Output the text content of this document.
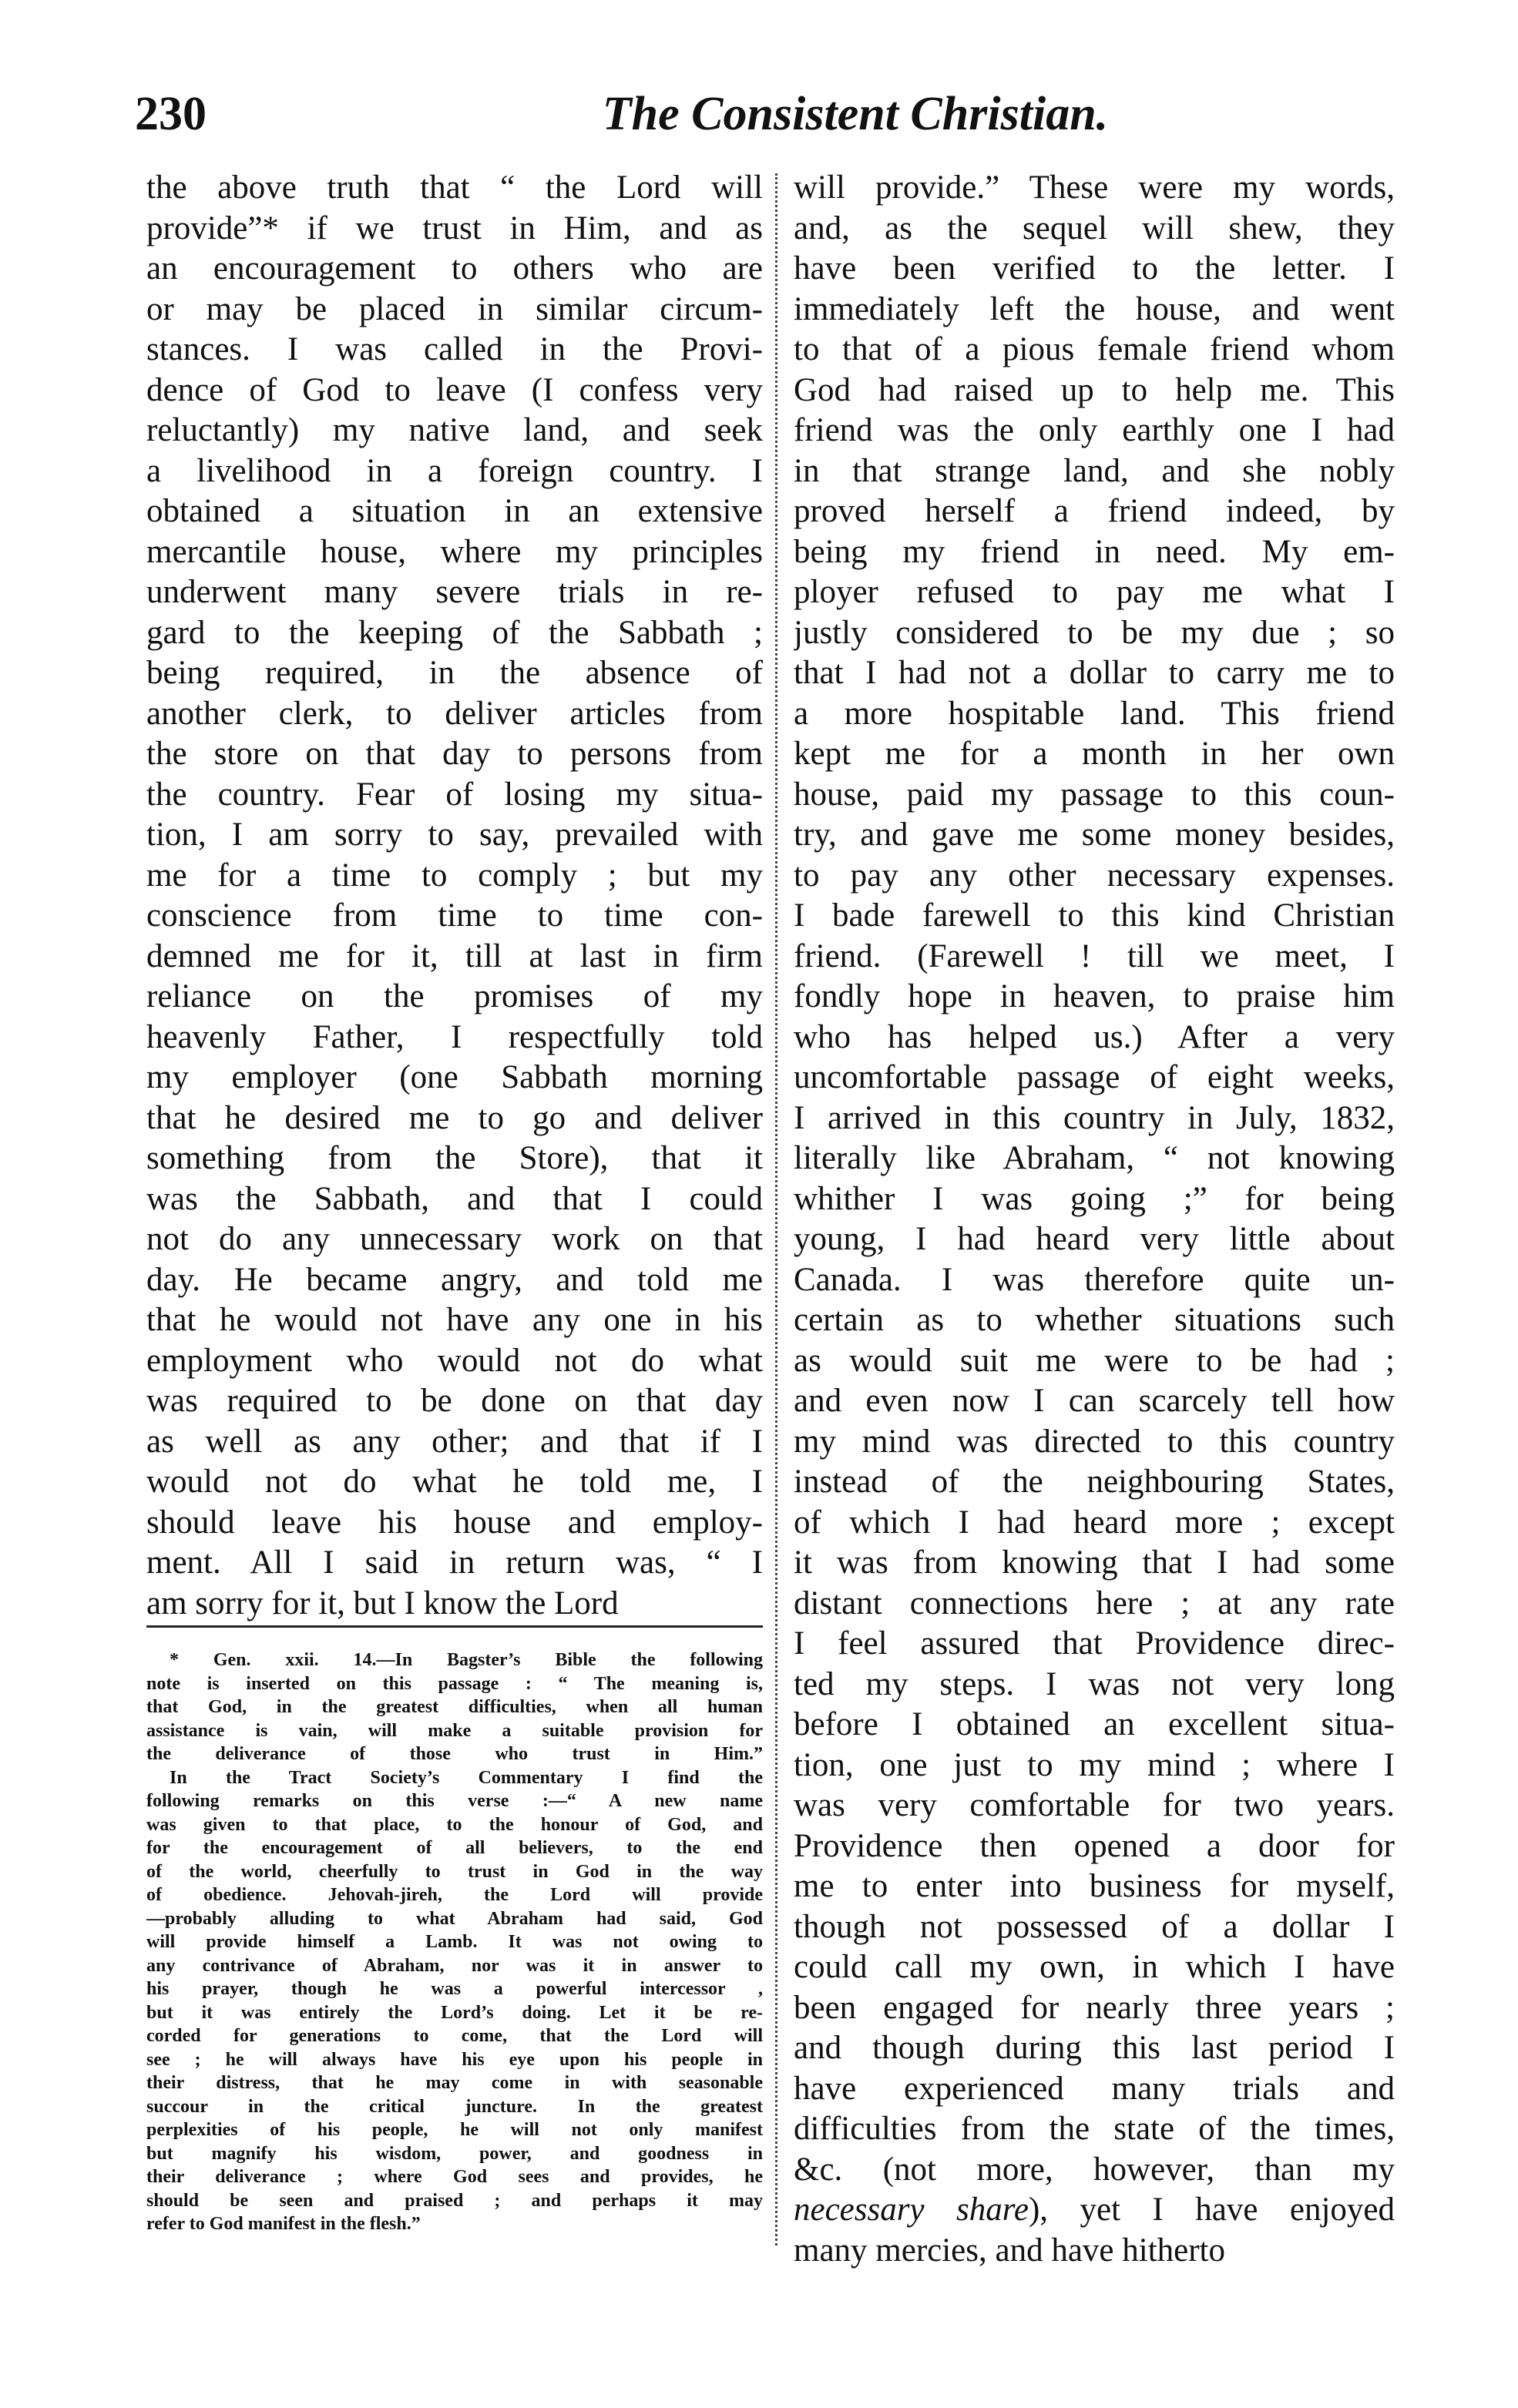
230	The Consistent Christian.
the above truth that “ the Lord will
provide”* if we trust in Him, and as
an encouragement to others who are
or may be placed in similar circum-
stances. I was called in the Provi-
dence of God to leave (I confess very
reluctantly) my native land, and seek
a livelihood in a foreign country. I
obtained a situation in an extensive
mercantile house, where my principles
underwent many severe trials in re-
gard to the keeping of the Sabbath ;
being required, in the absence of
another clerk, to deliver articles from
the store on that day to persons from
the country. Fear of losing my situa-
tion, I am sorry to say, prevailed with
me for a time to comply ; but my
conscience from time to time con-
demned me for it, till at last in firm
reliance on the promises of my
heavenly Father, I respectfully told
my employer (one Sabbath morning
that he desired me to go and deliver
something from the Store), that it
was the Sabbath, and that I could
not do any unnecessary work on that
day. He became angry, and told me
that he would not have any one in his
employment who would not do what
was required to be done on that day
as well as any other; and that if I
would not do what he told me, I
should leave his house and employ-
ment. All I said in return was, “ I
am sorry for it, but I know the Lord
* Gen. xxii. 14.—In Bagster’s Bible the following
note is inserted on this passage : “ The meaning is,
that God, in the greatest difficulties, when all human
assistance is vain, will make a suitable provision for
the deliverance of those who trust in Him.”
In the Tract Society’s Commentary I find the
following remarks on this verse :—“ A new name
was given to that place, to the honour of God, and
for the encouragement of all believers, to the end
of the world, cheerfully to trust in God in the way
of obedience. Jehovah-jireh, the Lord will provide
—probably alluding to what Abraham had said, God
will provide himself a Lamb. It was not owing to
any contrivance of Abraham, nor was it in answer to
his prayer, though he was a powerful intercessor ,
but it was entirely the Lord’s doing. Let it be re-
corded for generations to come, that the Lord will
see ; he will always have his eye upon his people in
their distress, that he may come in with seasonable
succour in the critical juncture. In the greatest
perplexities of his people, he will not only manifest
but magnify his wisdom, power, and goodness in
their deliverance ; where God sees and provides, he
should be seen and praised ; and perhaps it may
refer to God manifest in the flesh.”
will provide.” These were my words,
and, as the sequel will shew, they
have been verified to the letter. I
immediately left the house, and went
to that of a pious female friend whom
God had raised up to help me. This
friend was the only earthly one I had
in that strange land, and she nobly
proved herself a friend indeed, by
being my friend in need. My em-
ployer refused to pay me what I
justly considered to be my due ; so
that I had not a dollar to carry me to
a more hospitable land. This friend
kept me for a month in her own
house, paid my passage to this coun-
try, and gave me some money besides,
to pay any other necessary expenses.
I bade farewell to this kind Christian
friend. (Farewell ! till we meet, I
fondly hope in heaven, to praise him
who has helped us.) After a very
uncomfortable passage of eight weeks,
I arrived in this country in July, 1832,
literally like Abraham, “ not knowing
whither I was going ;” for being
young, I had heard very little about
Canada. I was therefore quite un-
certain as to whether situations such
as would suit me were to be had ;
and even now I can scarcely tell how
my mind was directed to this country
instead of the neighbouring States,
of which I had heard more ; except
it was from knowing that I had some
distant connections here ; at any rate
I feel assured that Providence direc-
ted my steps. I was not very long
before I obtained an excellent situa-
tion, one just to my mind ; where I
was very comfortable for two years.
Providence then opened a door for
me to enter into business for myself,
though not possessed of a dollar I
could call my own, in which I have
been engaged for nearly three years ;
and though during this last period I
have experienced many trials and
difficulties from the state of the times,
&c. (not more, however, than my
necessary share), yet I have enjoyed
many mercies, and have hitherto
